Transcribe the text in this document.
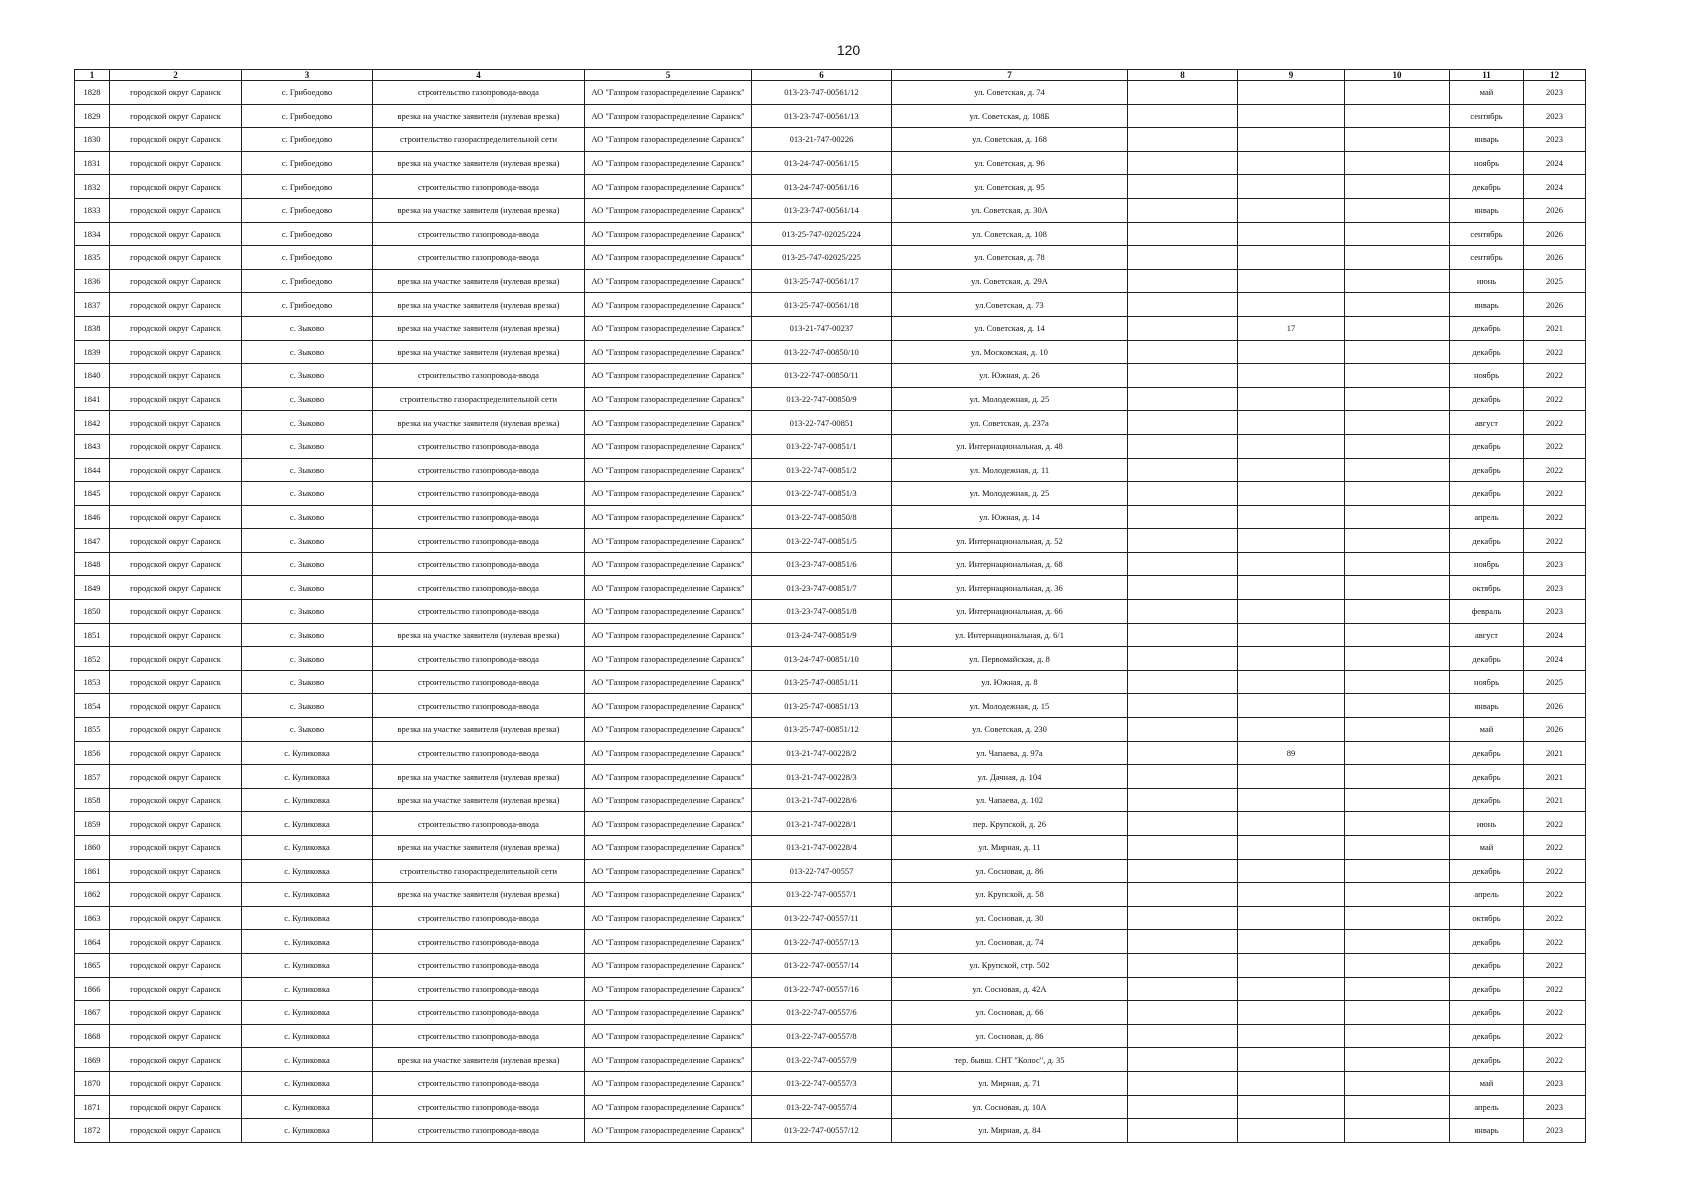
120
1	2	3	4	5	6	7	8	9	10	11	12
1828	городской округ Саранск	с. Грибоедово	строительство газопровода-ввода	АО "Газпром газораспределение Саранск"	013-23-747-00561/12	ул. Советская, д. 74				май	2023
1829	городской округ Саранск	с. Грибоедово	врезка на участке заявителя (нулевая врезка)	АО "Газпром газораспределение Саранск"	013-23-747-00561/13	ул. Советская, д. 108Б				сентябрь	2023
1830	городской округ Саранск	с. Грибоедово	строительство газораспределительной сети	АО "Газпром газораспределение Саранск"	013-21-747-00226	ул. Советская, д. 168				январь	2023
1831	городской округ Саранск	с. Грибоедово	врезка на участке заявителя (нулевая врезка)	АО "Газпром газораспределение Саранск"	013-24-747-00561/15	ул. Советская, д. 96				ноябрь	2024
1832	городской округ Саранск	с. Грибоедово	строительство газопровода-ввода	АО "Газпром газораспределение Саранск"	013-24-747-00561/16	ул. Советская, д. 95				декабрь	2024
1833	городской округ Саранск	с. Грибоедово	врезка на участке заявителя (нулевая врезка)	АО "Газпром газораспределение Саранск"	013-23-747-00561/14	ул. Советская, д. 30А				январь	2026
1834	городской округ Саранск	с. Грибоедово	строительство газопровода-ввода	АО "Газпром газораспределение Саранск"	013-25-747-02025/224	ул. Советская, д. 108				сентябрь	2026
1835	городской округ Саранск	с. Грибоедово	строительство газопровода-ввода	АО "Газпром газораспределение Саранск"	013-25-747-02025/225	ул. Советская, д. 78				сентябрь	2026
1836	городской округ Саранск	с. Грибоедово	врезка на участке заявителя (нулевая врезка)	АО "Газпром газораспределение Саранск"	013-25-747-00561/17	ул. Советская, д. 29А				июнь	2025
1837	городской округ Саранск	с. Грибоедово	врезка на участке заявителя (нулевая врезка)	АО "Газпром газораспределение Саранск"	013-25-747-00561/18	ул.Советская, д. 73				январь	2026
1838	городской округ Саранск	с. Зыково	врезка на участке заявителя (нулевая врезка)	АО "Газпром газораспределение Саранск"	013-21-747-00237	ул. Советская, д. 14		17		декабрь	2021
1839	городской округ Саранск	с. Зыково	врезка на участке заявителя (нулевая врезка)	АО "Газпром газораспределение Саранск"	013-22-747-00850/10	ул. Московская, д. 10				декабрь	2022
1840	городской округ Саранск	с. Зыково	строительство газопровода-ввода	АО "Газпром газораспределение Саранск"	013-22-747-00850/11	ул. Южная, д. 26				ноябрь	2022
1841	городской округ Саранск	с. Зыково	строительство газораспределительной сети	АО "Газпром газораспределение Саранск"	013-22-747-00850/9	ул. Молодежная, д. 25				декабрь	2022
1842	городской округ Саранск	с. Зыково	врезка на участке заявителя (нулевая врезка)	АО "Газпром газораспределение Саранск"	013-22-747-00851	ул. Советская, д. 237а				август	2022
1843	городской округ Саранск	с. Зыково	строительство газопровода-ввода	АО "Газпром газораспределение Саранск"	013-22-747-00851/1	ул. Интернациональная, д. 48				декабрь	2022
1844	городской округ Саранск	с. Зыково	строительство газопровода-ввода	АО "Газпром газораспределение Саранск"	013-22-747-00851/2	ул. Молодежная, д. 11				декабрь	2022
1845	городской округ Саранск	с. Зыково	строительство газопровода-ввода	АО "Газпром газораспределение Саранск"	013-22-747-00851/3	ул. Молодежная, д. 25				декабрь	2022
1846	городской округ Саранск	с. Зыково	строительство газопровода-ввода	АО "Газпром газораспределение Саранск"	013-22-747-00850/8	ул. Южная, д. 14				апрель	2022
1847	городской округ Саранск	с. Зыково	строительство газопровода-ввода	АО "Газпром газораспределение Саранск"	013-22-747-00851/5	ул. Интернациональная, д. 52				декабрь	2022
1848	городской округ Саранск	с. Зыково	строительство газопровода-ввода	АО "Газпром газораспределение Саранск"	013-23-747-00851/6	ул. Интернациональная, д. 68				ноябрь	2023
1849	городской округ Саранск	с. Зыково	строительство газопровода-ввода	АО "Газпром газораспределение Саранск"	013-23-747-00851/7	ул. Интернациональная, д. 36				октябрь	2023
1850	городской округ Саранск	с. Зыково	строительство газопровода-ввода	АО "Газпром газораспределение Саранск"	013-23-747-00851/8	ул. Интернациональная, д. 66				февраль	2023
1851	городской округ Саранск	с. Зыково	врезка на участке заявителя (нулевая врезка)	АО "Газпром газораспределение Саранск"	013-24-747-00851/9	ул. Интернациональная, д. 6/1				август	2024
1852	городской округ Саранск	с. Зыково	строительство газопровода-ввода	АО "Газпром газораспределение Саранск"	013-24-747-00851/10	ул. Первомайская, д. 8				декабрь	2024
1853	городской округ Саранск	с. Зыково	строительство газопровода-ввода	АО "Газпром газораспределение Саранск"	013-25-747-00851/11	ул. Южная, д. 8				ноябрь	2025
1854	городской округ Саранск	с. Зыково	строительство газопровода-ввода	АО "Газпром газораспределение Саранск"	013-25-747-00851/13	ул. Молодежная, д. 15				январь	2026
1855	городской округ Саранск	с. Зыково	врезка на участке заявителя (нулевая врезка)	АО "Газпром газораспределение Саранск"	013-25-747-00851/12	ул. Советская, д. 230				май	2026
1856	городской округ Саранск	с. Куликовка	строительство газопровода-ввода	АО "Газпром газораспределение Саранск"	013-21-747-00228/2	ул. Чапаева, д. 97а		89		декабрь	2021
1857	городской округ Саранск	с. Куликовка	врезка на участке заявителя (нулевая врезка)	АО "Газпром газораспределение Саранск"	013-21-747-00228/3	ул. Дачная, д. 104				декабрь	2021
1858	городской округ Саранск	с. Куликовка	врезка на участке заявителя (нулевая врезка)	АО "Газпром газораспределение Саранск"	013-21-747-00228/6	ул. Чапаева, д. 102				декабрь	2021
1859	городской округ Саранск	с. Куликовка	строительство газопровода-ввода	АО "Газпром газораспределение Саранск"	013-21-747-00228/1	пер. Крупской, д. 26				июнь	2022
1860	городской округ Саранск	с. Куликовка	врезка на участке заявителя (нулевая врезка)	АО "Газпром газораспределение Саранск"	013-21-747-00228/4	ул. Мирная, д. 11				май	2022
1861	городской округ Саранск	с. Куликовка	строительство газораспределительной сети	АО "Газпром газораспределение Саранск"	013-22-747-00557	ул. Сосновая, д. 86				декабрь	2022
1862	городской округ Саранск	с. Куликовка	врезка на участке заявителя (нулевая врезка)	АО "Газпром газораспределение Саранск"	013-22-747-00557/1	ул. Крупской, д. 58				апрель	2022
1863	городской округ Саранск	с. Куликовка	строительство газопровода-ввода	АО "Газпром газораспределение Саранск"	013-22-747-00557/11	ул. Сосновая, д. 30				октябрь	2022
1864	городской округ Саранск	с. Куликовка	строительство газопровода-ввода	АО "Газпром газораспределение Саранск"	013-22-747-00557/13	ул. Сосновая, д. 74				декабрь	2022
1865	городской округ Саранск	с. Куликовка	строительство газопровода-ввода	АО "Газпром газораспределение Саранск"	013-22-747-00557/14	ул. Крупской, стр. 502				декабрь	2022
1866	городской округ Саранск	с. Куликовка	строительство газопровода-ввода	АО "Газпром газораспределение Саранск"	013-22-747-00557/16	ул. Сосновая, д. 42А				декабрь	2022
1867	городской округ Саранск	с. Куликовка	строительство газопровода-ввода	АО "Газпром газораспределение Саранск"	013-22-747-00557/6	ул. Сосновая, д. 66				декабрь	2022
1868	городской округ Саранск	с. Куликовка	строительство газопровода-ввода	АО "Газпром газораспределение Саранск"	013-22-747-00557/8	ул. Сосновая, д. 86				декабрь	2022
1869	городской округ Саранск	с. Куликовка	врезка на участке заявителя (нулевая врезка)	АО "Газпром газораспределение Саранск"	013-22-747-00557/9	тер. бывш. СНТ "Колос", д. 35				декабрь	2022
1870	городской округ Саранск	с. Куликовка	строительство газопровода-ввода	АО "Газпром газораспределение Саранск"	013-22-747-00557/3	ул. Мирная, д. 71				май	2023
1871	городской округ Саранск	с. Куликовка	строительство газопровода-ввода	АО "Газпром газораспределение Саранск"	013-22-747-00557/4	ул. Сосновая, д. 10А				апрель	2023
1872	городской округ Саранск	с. Куликовка	строительство газопровода-ввода	АО "Газпром газораспределение Саранск"	013-22-747-00557/12	ул. Мирная, д. 84				январь	2023
